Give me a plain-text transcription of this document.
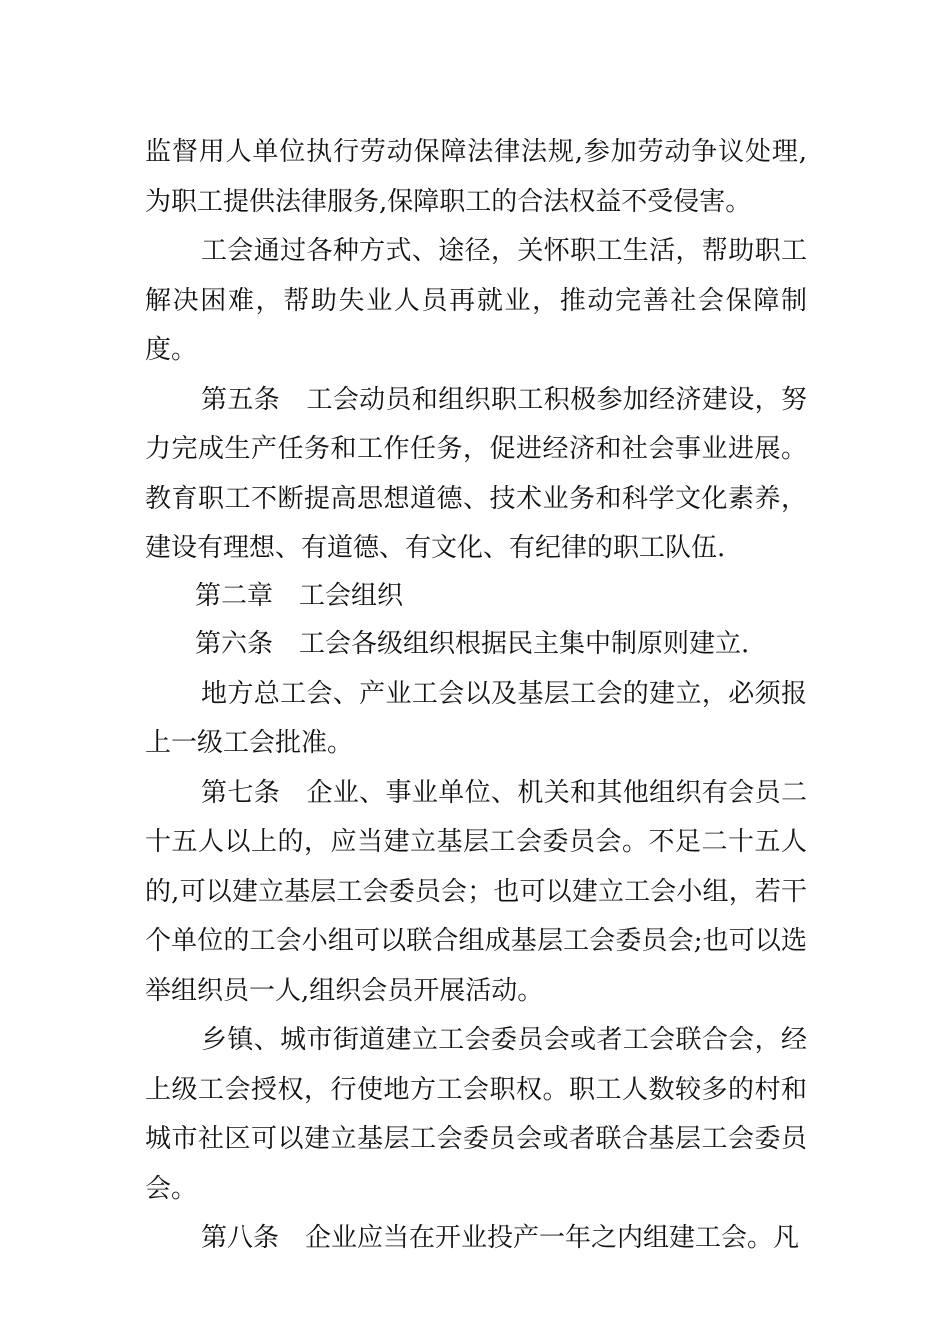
监督用人单位执行劳动保障法律法规,参加劳动争议处理,为职工提供法律服务,保障职工的合法权益不受侵害。

工会通过各种方式、途径，关怀职工生活，帮助职工解决困难，帮助失业人员再就业，推动完善社会保障制度。

第五条　工会动员和组织职工积极参加经济建设，努力完成生产任务和工作任务，促进经济和社会事业进展。教育职工不断提高思想道德、技术业务和科学文化素养，建设有理想、有道德、有文化、有纪律的职工队伍.

第二章　工会组织

第六条　工会各级组织根据民主集中制原则建立.

地方总工会、产业工会以及基层工会的建立，必须报上一级工会批准。

第七条　企业、事业单位、机关和其他组织有会员二十五人以上的，应当建立基层工会委员会。不足二十五人的,可以建立基层工会委员会；也可以建立工会小组，若干个单位的工会小组可以联合组成基层工会委员会;也可以选举组织员一人,组织会员开展活动。

乡镇、城市街道建立工会委员会或者工会联合会，经上级工会授权，行使地方工会职权。职工人数较多的村和城市社区可以建立基层工会委员会或者联合基层工会委员会。

第八条　企业应当在开业投产一年之内组建工会。凡
